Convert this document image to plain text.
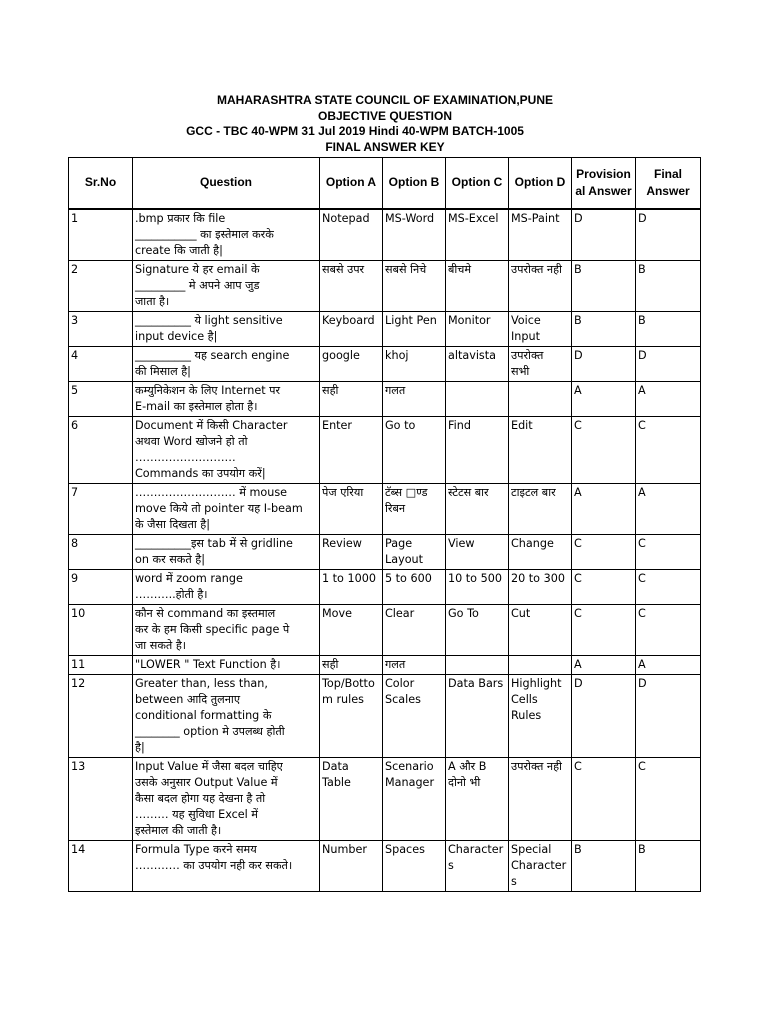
MAHARASHTRA STATE COUNCIL OF EXAMINATION,PUNE
OBJECTIVE QUESTION
GCC - TBC 40-WPM 31 Jul 2019 Hindi 40-WPM BATCH-1005
FINAL ANSWER KEY
Sr.No	Question	Option A	Option B	Option C	Option D	Provisional Answer	Final Answer
1	.bmp प्रकार कि file
___________ का इस्तेमाल करके
create कि जाती है|	Notepad	MS-Word	MS-Excel	MS-Paint	D	D
2	Signature ये हर email के
_________ मे अपने आप जुड
जाता है।	सबसे उपर	सबसे निचे	बीचमे	उपरोक्त नही	B	B
3	__________ ये light sensitive
input device है|	Keyboard	Light Pen	Monitor	Voice
Input	B	B
4	__________ यह search engine
की मिसाल है|	google	khoj	altavista	उपरोक्त
सभी	D	D
5	कम्युनिकेशन के लिए Internet पर
E-mail का इस्तेमाल होता है।	सही	गलत			A	A
6	Document में किसी Character
अथवा Word खोजने हो तो
………………………
Commands का उपयोग करें|	Enter	Go to	Find	Edit	C	C
7	……………………… में mouse
move किये तो pointer यह I-beam
के जैसा दिखता है|	पेज एरिया	टॅब्स □ण्ड
रिबन	स्टेटस बार	टाइटल बार	A	A
8	__________इस tab में से gridline
on कर सकते है|	Review	Page
Layout	View	Change	C	C
9	word में zoom range
………..होती है।	1 to 1000	5 to 600	10 to 500	20 to 300	C	C
10	कौन से command का इस्तमाल
कर के हम किसी specific page पे
जा सकते है।	Move	Clear	Go To	Cut	C	C
11	"LOWER " Text Function है।	सही	गलत			A	A
12	Greater than, less than,
between आदि तुलनाए
conditional formatting के
________ option मे उपलब्ध होती
है|	Top/Botto
m rules	Color
Scales	Data Bars	Highlight
Cells
Rules	D	D
13	Input Value में जैसा बदल चाहिए
उसके अनुसार Output Value में
कैसा बदल होगा यह देखना है तो
……… यह सुविधा Excel में
इस्तेमाल की जाती है।	Data
Table	Scenario
Manager	A और B
दोनो भी	उपरोक्त नही	C	C
14	Formula Type करने समय
………… का उपयोग नही कर सकते।	Number	Spaces	Character
s	Special
Character
s	B	B
